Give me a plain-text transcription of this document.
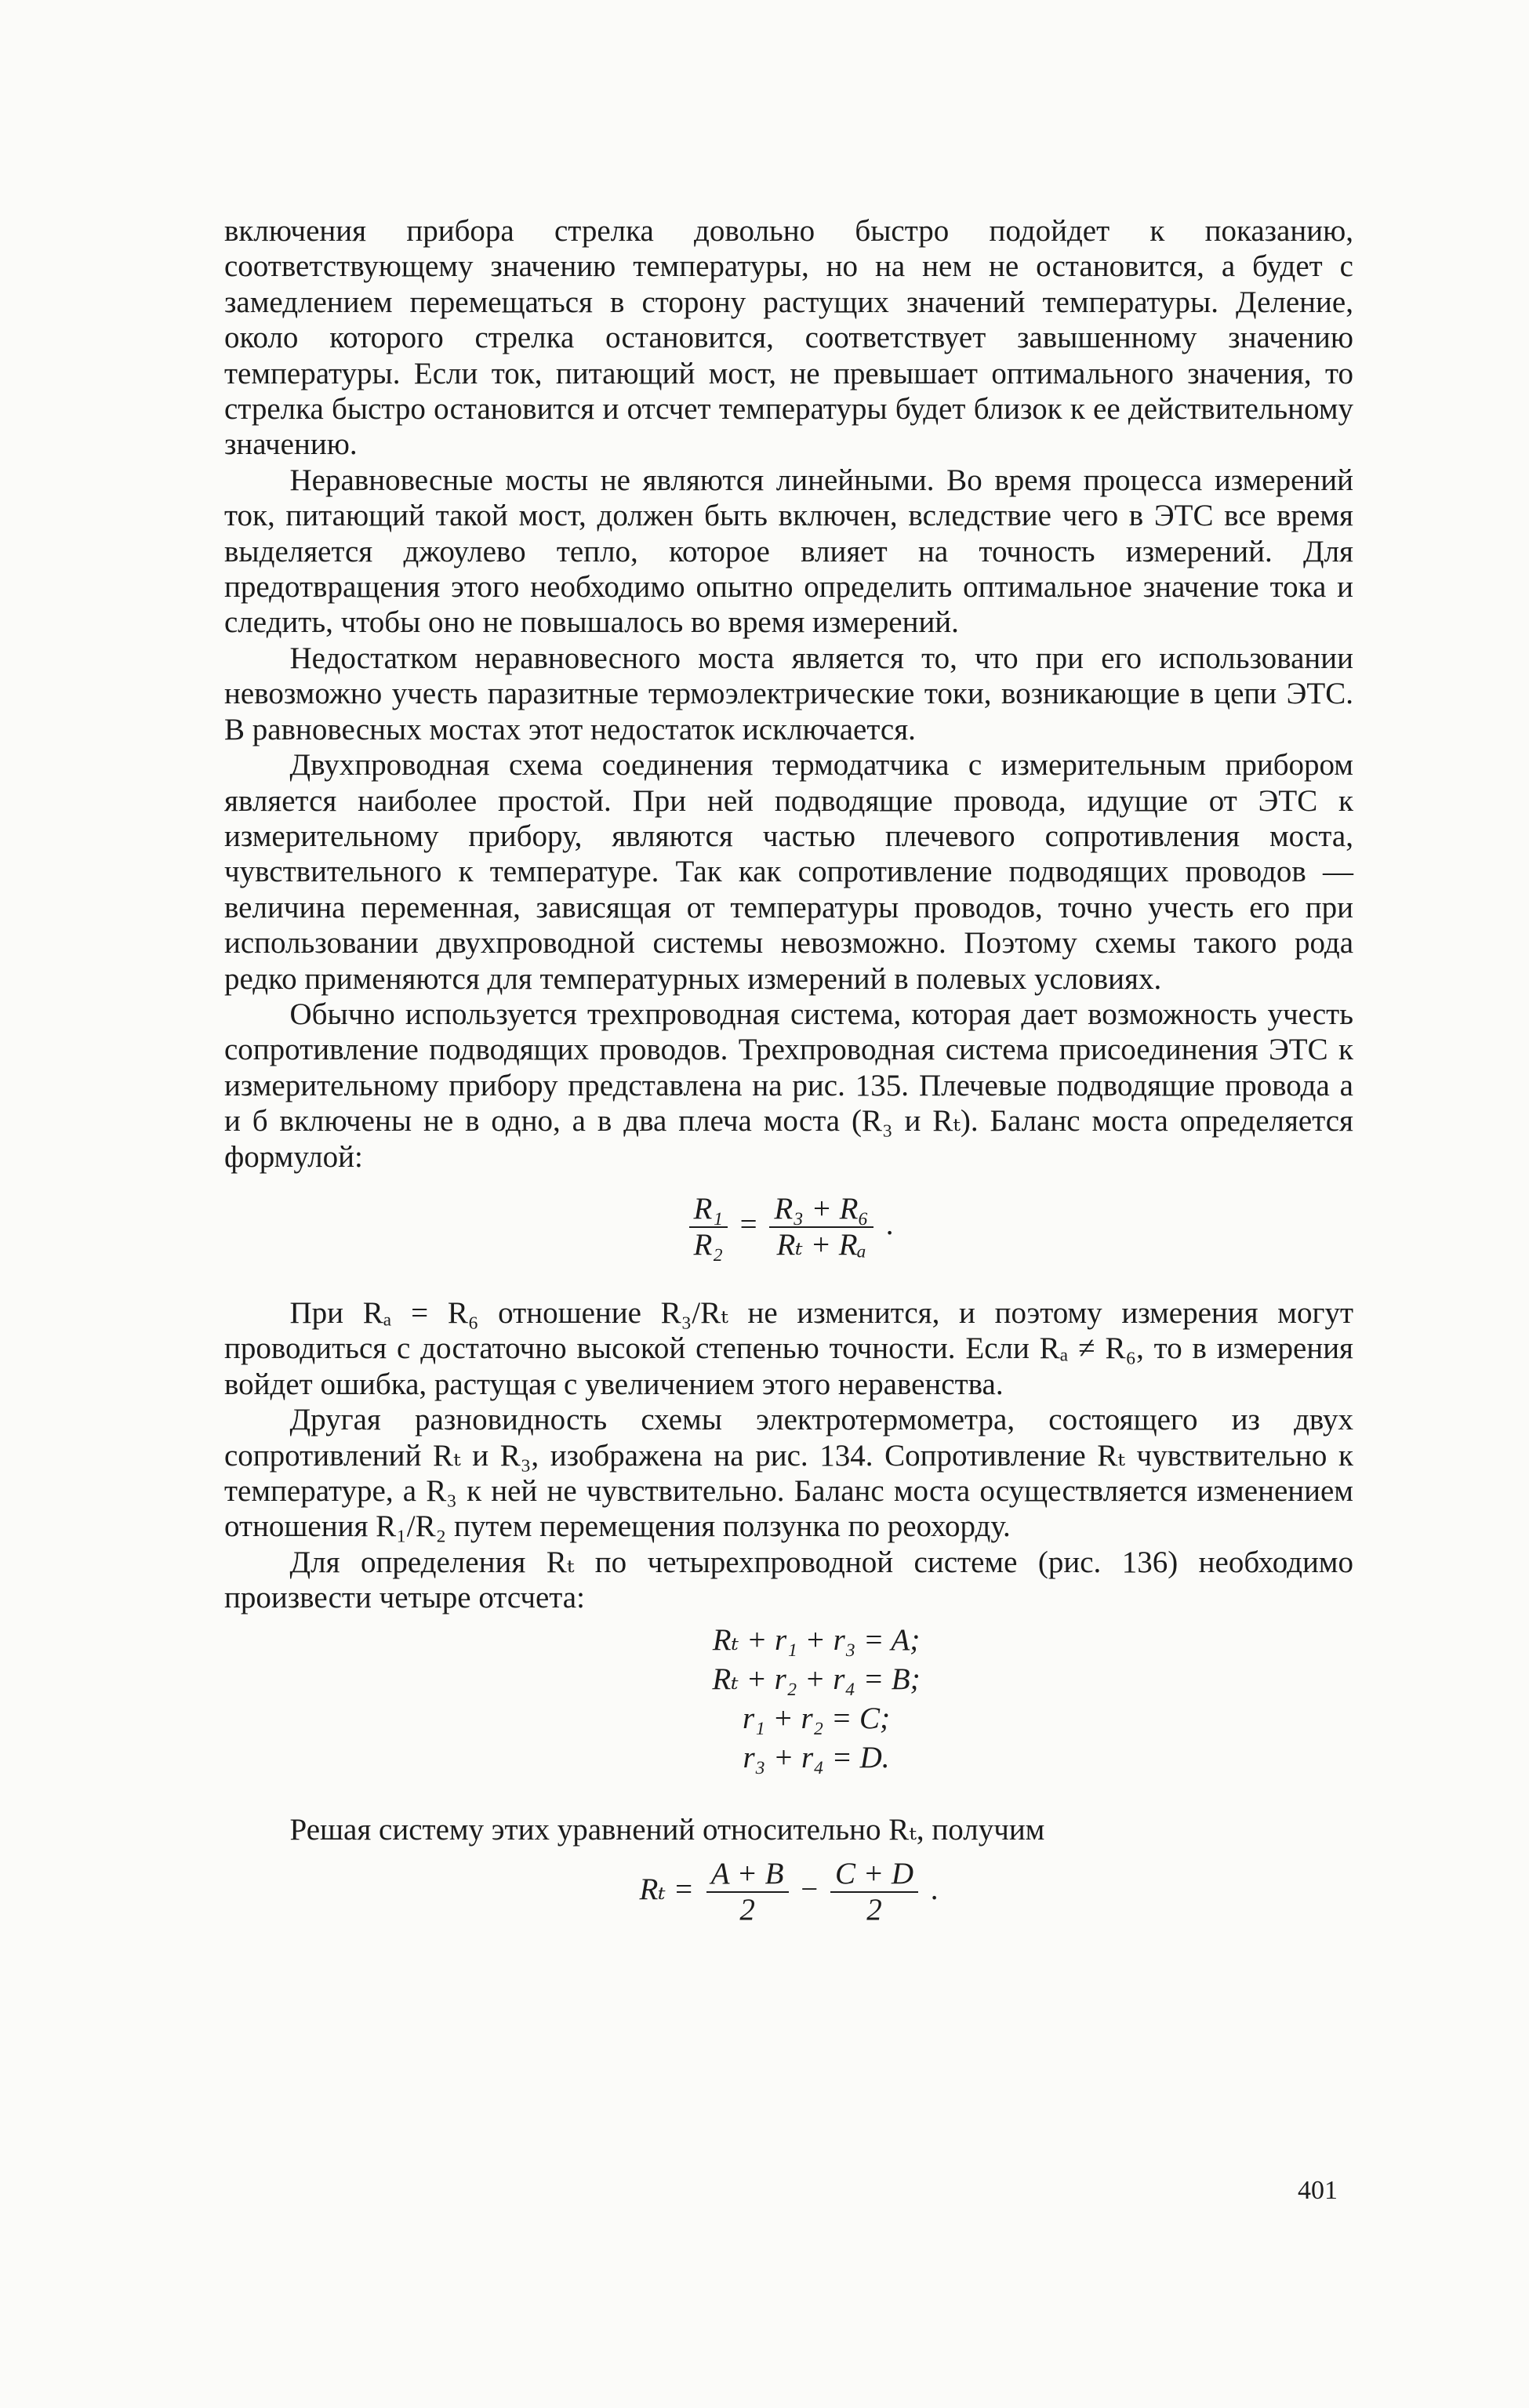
включения прибора стрелка довольно быстро подойдет к показанию, соответствующему значению температуры, но на нем не остановится, а будет с замедлением перемещаться в сторону растущих значений температуры. Деление, около которого стрелка остановится, соответствует завышенному значению температуры. Если ток, питающий мост, не превышает оптимального значения, то стрелка быстро остановится и отсчет температуры будет близок к ее действительному значению.

Неравновесные мосты не являются линейными. Во время процесса измерений ток, питающий такой мост, должен быть включен, вследствие чего в ЭТС все время выделяется джоулево тепло, которое влияет на точность измерений. Для предотвращения этого необходимо опытно определить оптимальное значение тока и следить, чтобы оно не повышалось во время измерений.

Недостатком неравновесного моста является то, что при его использовании невозможно учесть паразитные термоэлектрические токи, возникающие в цепи ЭТС. В равновесных мостах этот недостаток исключается.

Двухпроводная схема соединения термодатчика с измерительным прибором является наиболее простой. При ней подводящие провода, идущие от ЭТС к измерительному прибору, являются частью плечевого сопротивления моста, чувствительного к температуре. Так как сопротивление подводящих проводов — величина переменная, зависящая от температуры проводов, точно учесть его при использовании двухпроводной системы невозможно. Поэтому схемы такого рода редко применяются для температурных измерений в полевых условиях.

Обычно используется трехпроводная система, которая дает возможность учесть сопротивление подводящих проводов. Трехпроводная система присоединения ЭТС к измерительному прибору представлена на рис. 135. Плечевые подводящие провода a и б включены не в одно, а в два плеча моста (R₃ и Rₜ). Баланс моста определяется формулой:

$\frac{\text{R₁}}{\text{R₂}} = \frac{\text{R₃ + R₆}}{\text{Rₜ + Rₐ}}$ .

При Rₐ = R₆ отношение R₃/Rₜ не изменится, и поэтому измерения могут проводиться с достаточно высокой степенью точности. Если Rₐ ≠ R₆, то в измерения войдет ошибка, растущая с увеличением этого неравенства.

Другая разновидность схемы электротермометра, состоящего из двух сопротивлений Rₜ и R₃, изображена на рис. 134. Сопротивление Rₜ чувствительно к температуре, а R₃ к ней не чувствительно. Баланс моста осуществляется изменением отношения R₁/R₂ путем перемещения ползунка по реохорду.

Для определения Rₜ по четырехпроводной системе (рис. 136) необходимо произвести четыре отсчета:

Rₜ + r₁ + r₃ = A;
Rₜ + r₂ + r₄ = B;
r₁ + r₂ = C;
r₃ + r₄ = D.

Решая систему этих уравнений относительно Rₜ, получим

$R_t = \frac{A + B}{2} - \frac{C + D}{2}$ .
401
